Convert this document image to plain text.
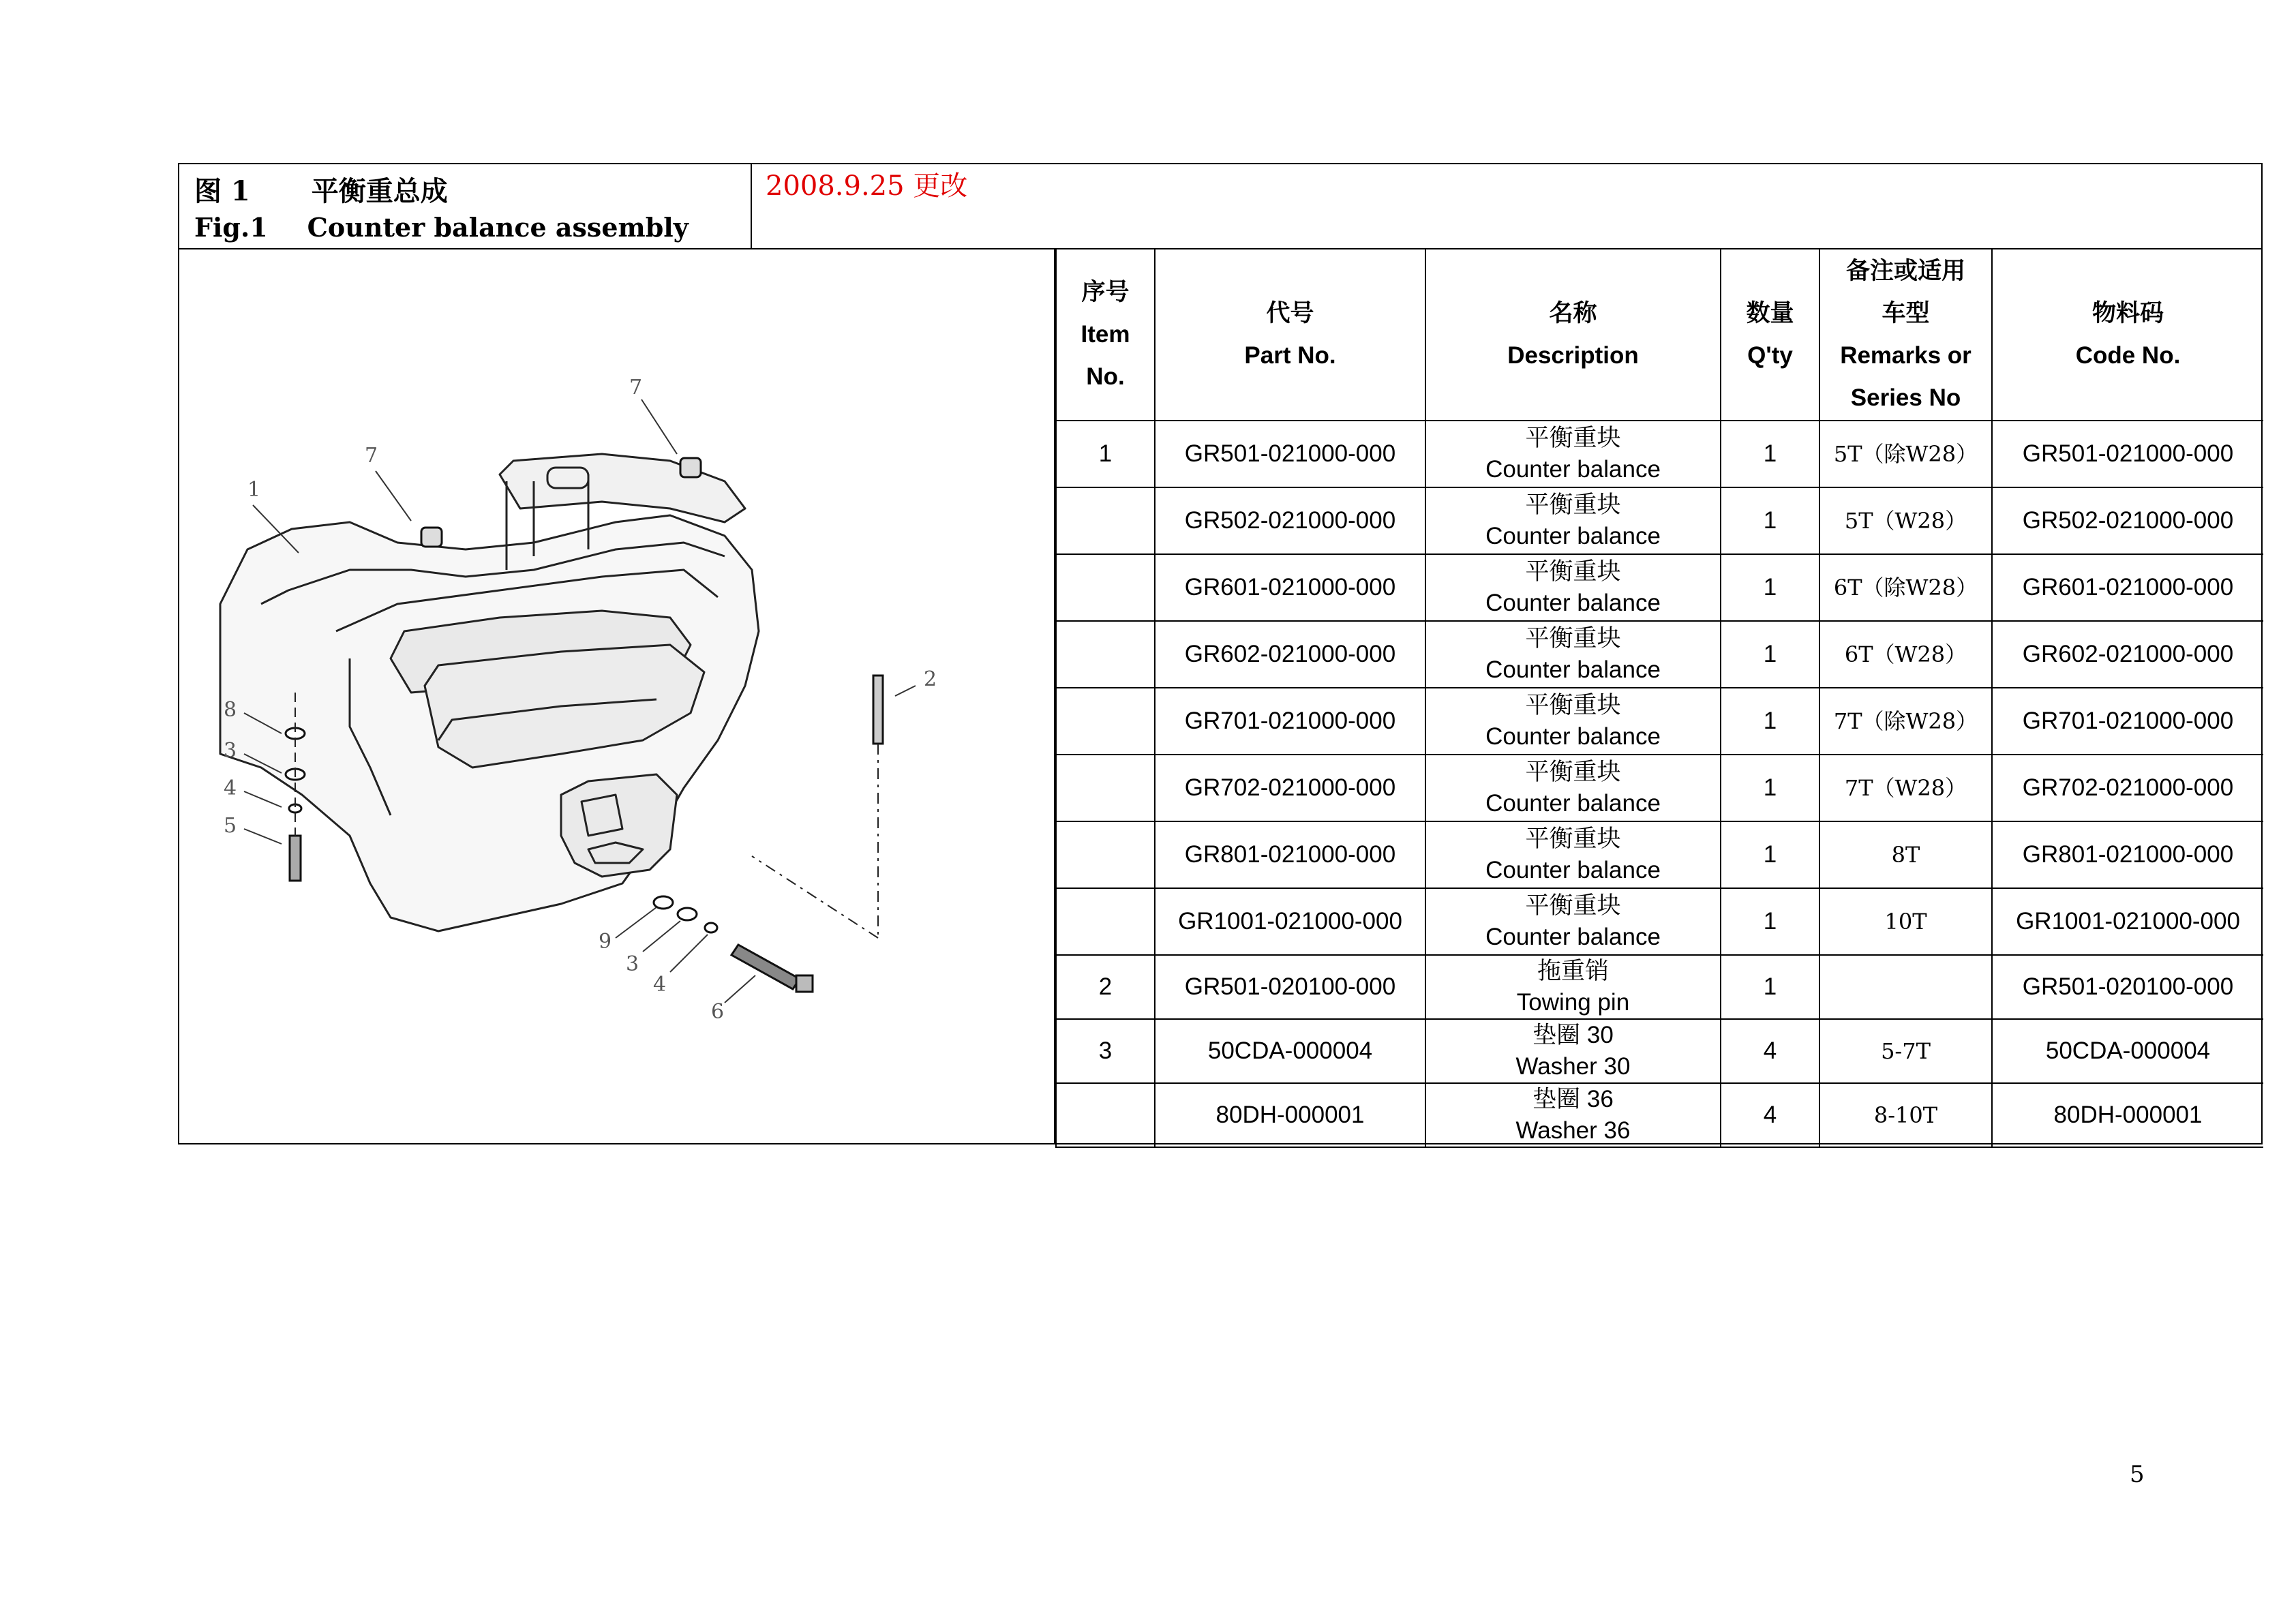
图 1 平衡重总成
Fig.1 Counter balance assembly
2008.9.25 更改
1
7
7
2
8
3
4
5
9
3
4
6
序号
Item
No.	代号
Part No.	名称
Description	数量
Q'ty	备注或适用
车型
Remarks or
Series No	物料码
Code No.

1	GR501-021000-000	平衡重块
Counter balance	1	5T（除W28）	GR501-021000-000
	GR502-021000-000	平衡重块
Counter balance	1	5T（W28）	GR502-021000-000
	GR601-021000-000	平衡重块
Counter balance	1	6T（除W28）	GR601-021000-000
	GR602-021000-000	平衡重块
Counter balance	1	6T（W28）	GR602-021000-000
	GR701-021000-000	平衡重块
Counter balance	1	7T（除W28）	GR701-021000-000
	GR702-021000-000	平衡重块
Counter balance	1	7T（W28）	GR702-021000-000
	GR801-021000-000	平衡重块
Counter balance	1	8T	GR801-021000-000
	GR1001-021000-000	平衡重块
Counter balance	1	10T	GR1001-021000-000
2	GR501-020100-000	拖重销
Towing pin	1		GR501-020100-000
3	50CDA-000004	垫圈 30
Washer 30	4	5-7T	50CDA-000004
	80DH-000001	垫圈 36
Washer 36	4	8-10T	80DH-000001
5
